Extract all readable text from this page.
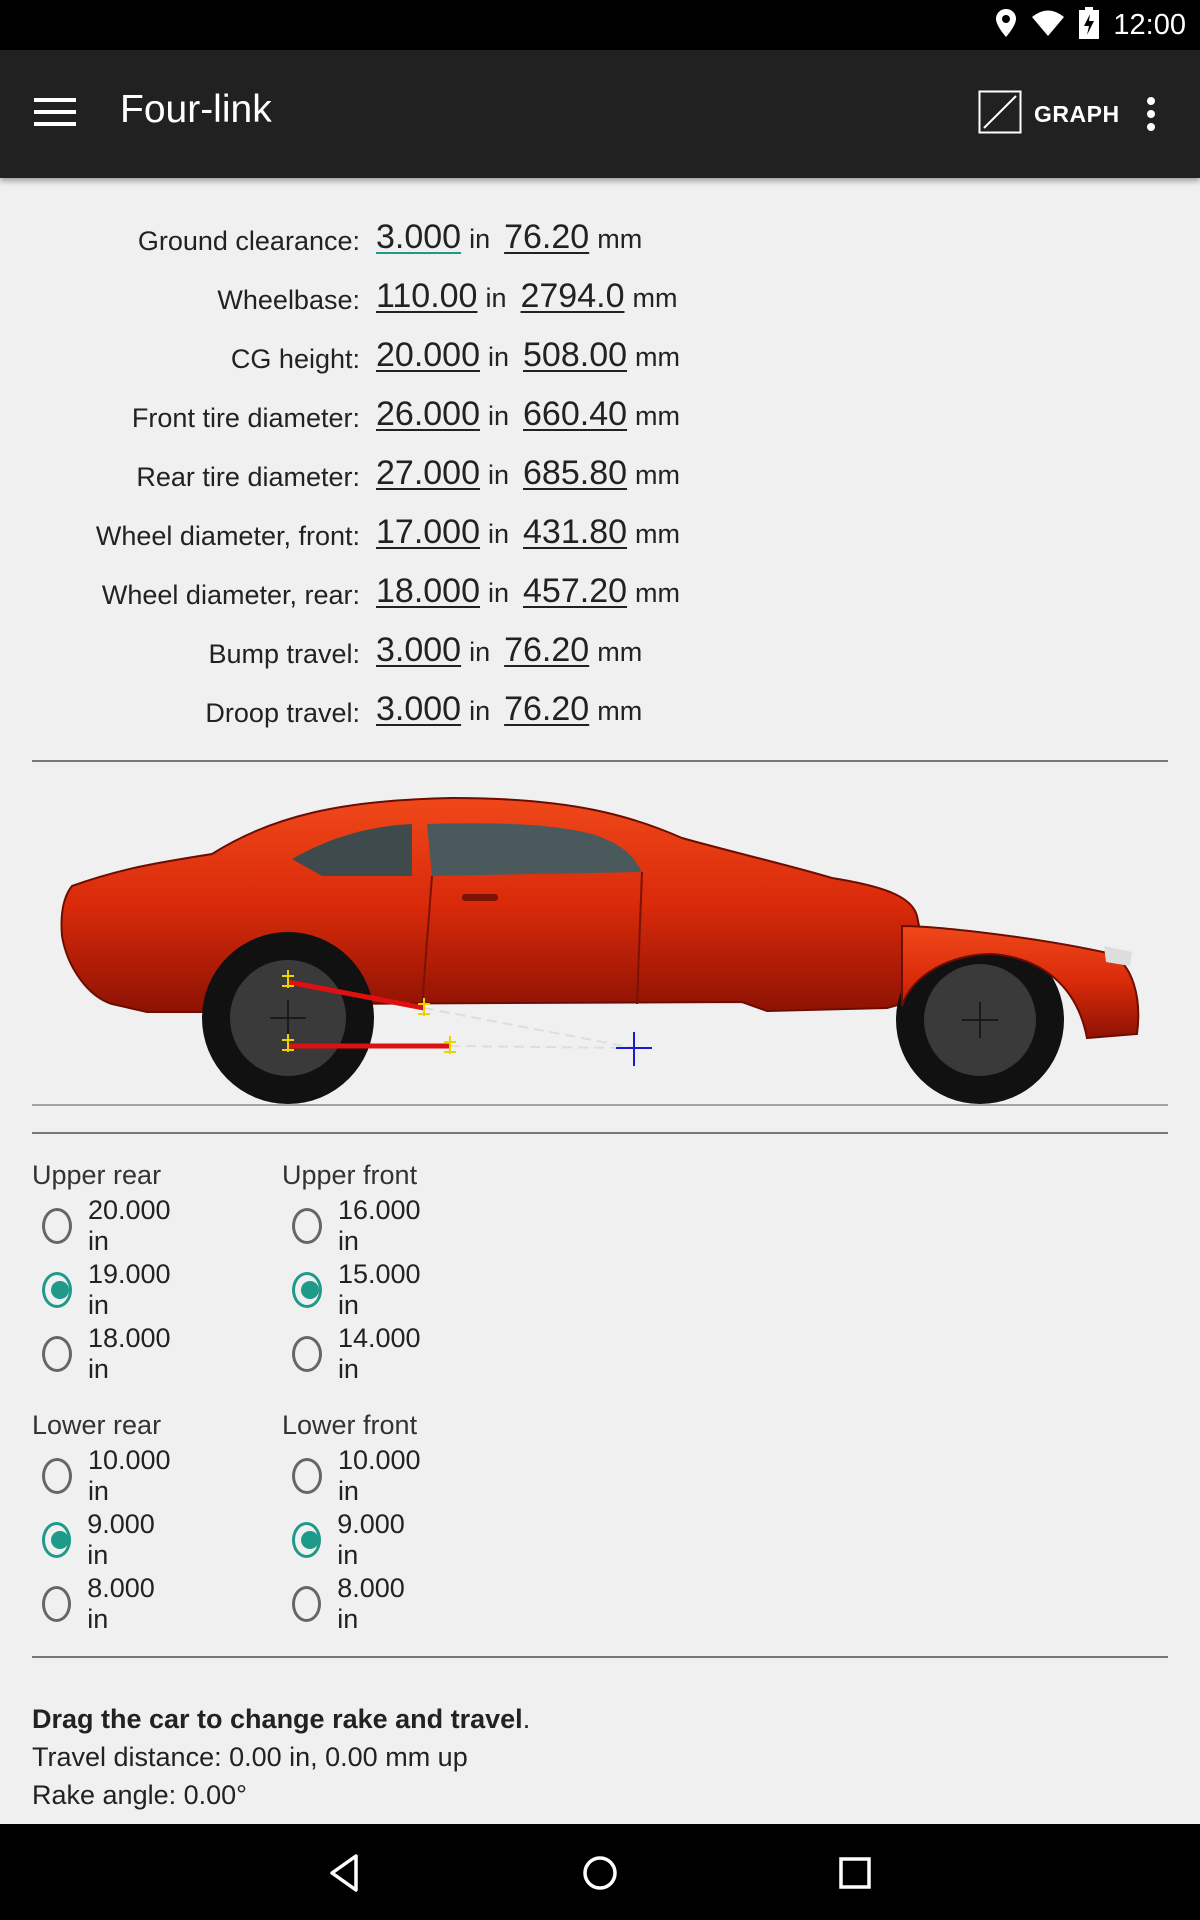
12:00
Four-link	GRAPH
Ground clearance: 3.000 in 76.20 mm
Wheelbase: 110.00 in 2794.0 mm
CG height: 20.000 in 508.00 mm
Front tire diameter: 26.000 in 660.40 mm
Rear tire diameter: 27.000 in 685.80 mm
Wheel diameter, front: 17.000 in 431.80 mm
Wheel diameter, rear: 18.000 in 457.20 mm
Bump travel: 3.000 in 76.20 mm
Droop travel: 3.000 in 76.20 mm
Upper rear
20.000 in
19.000 in
18.000 in
Upper front
16.000 in
15.000 in
14.000 in
Lower rear
10.000 in
9.000 in
8.000 in
Lower front
10.000 in
9.000 in
8.000 in
Drag the car to change rake and travel.
Travel distance: 0.00 in, 0.00 mm up
Rake angle: 0.00°
